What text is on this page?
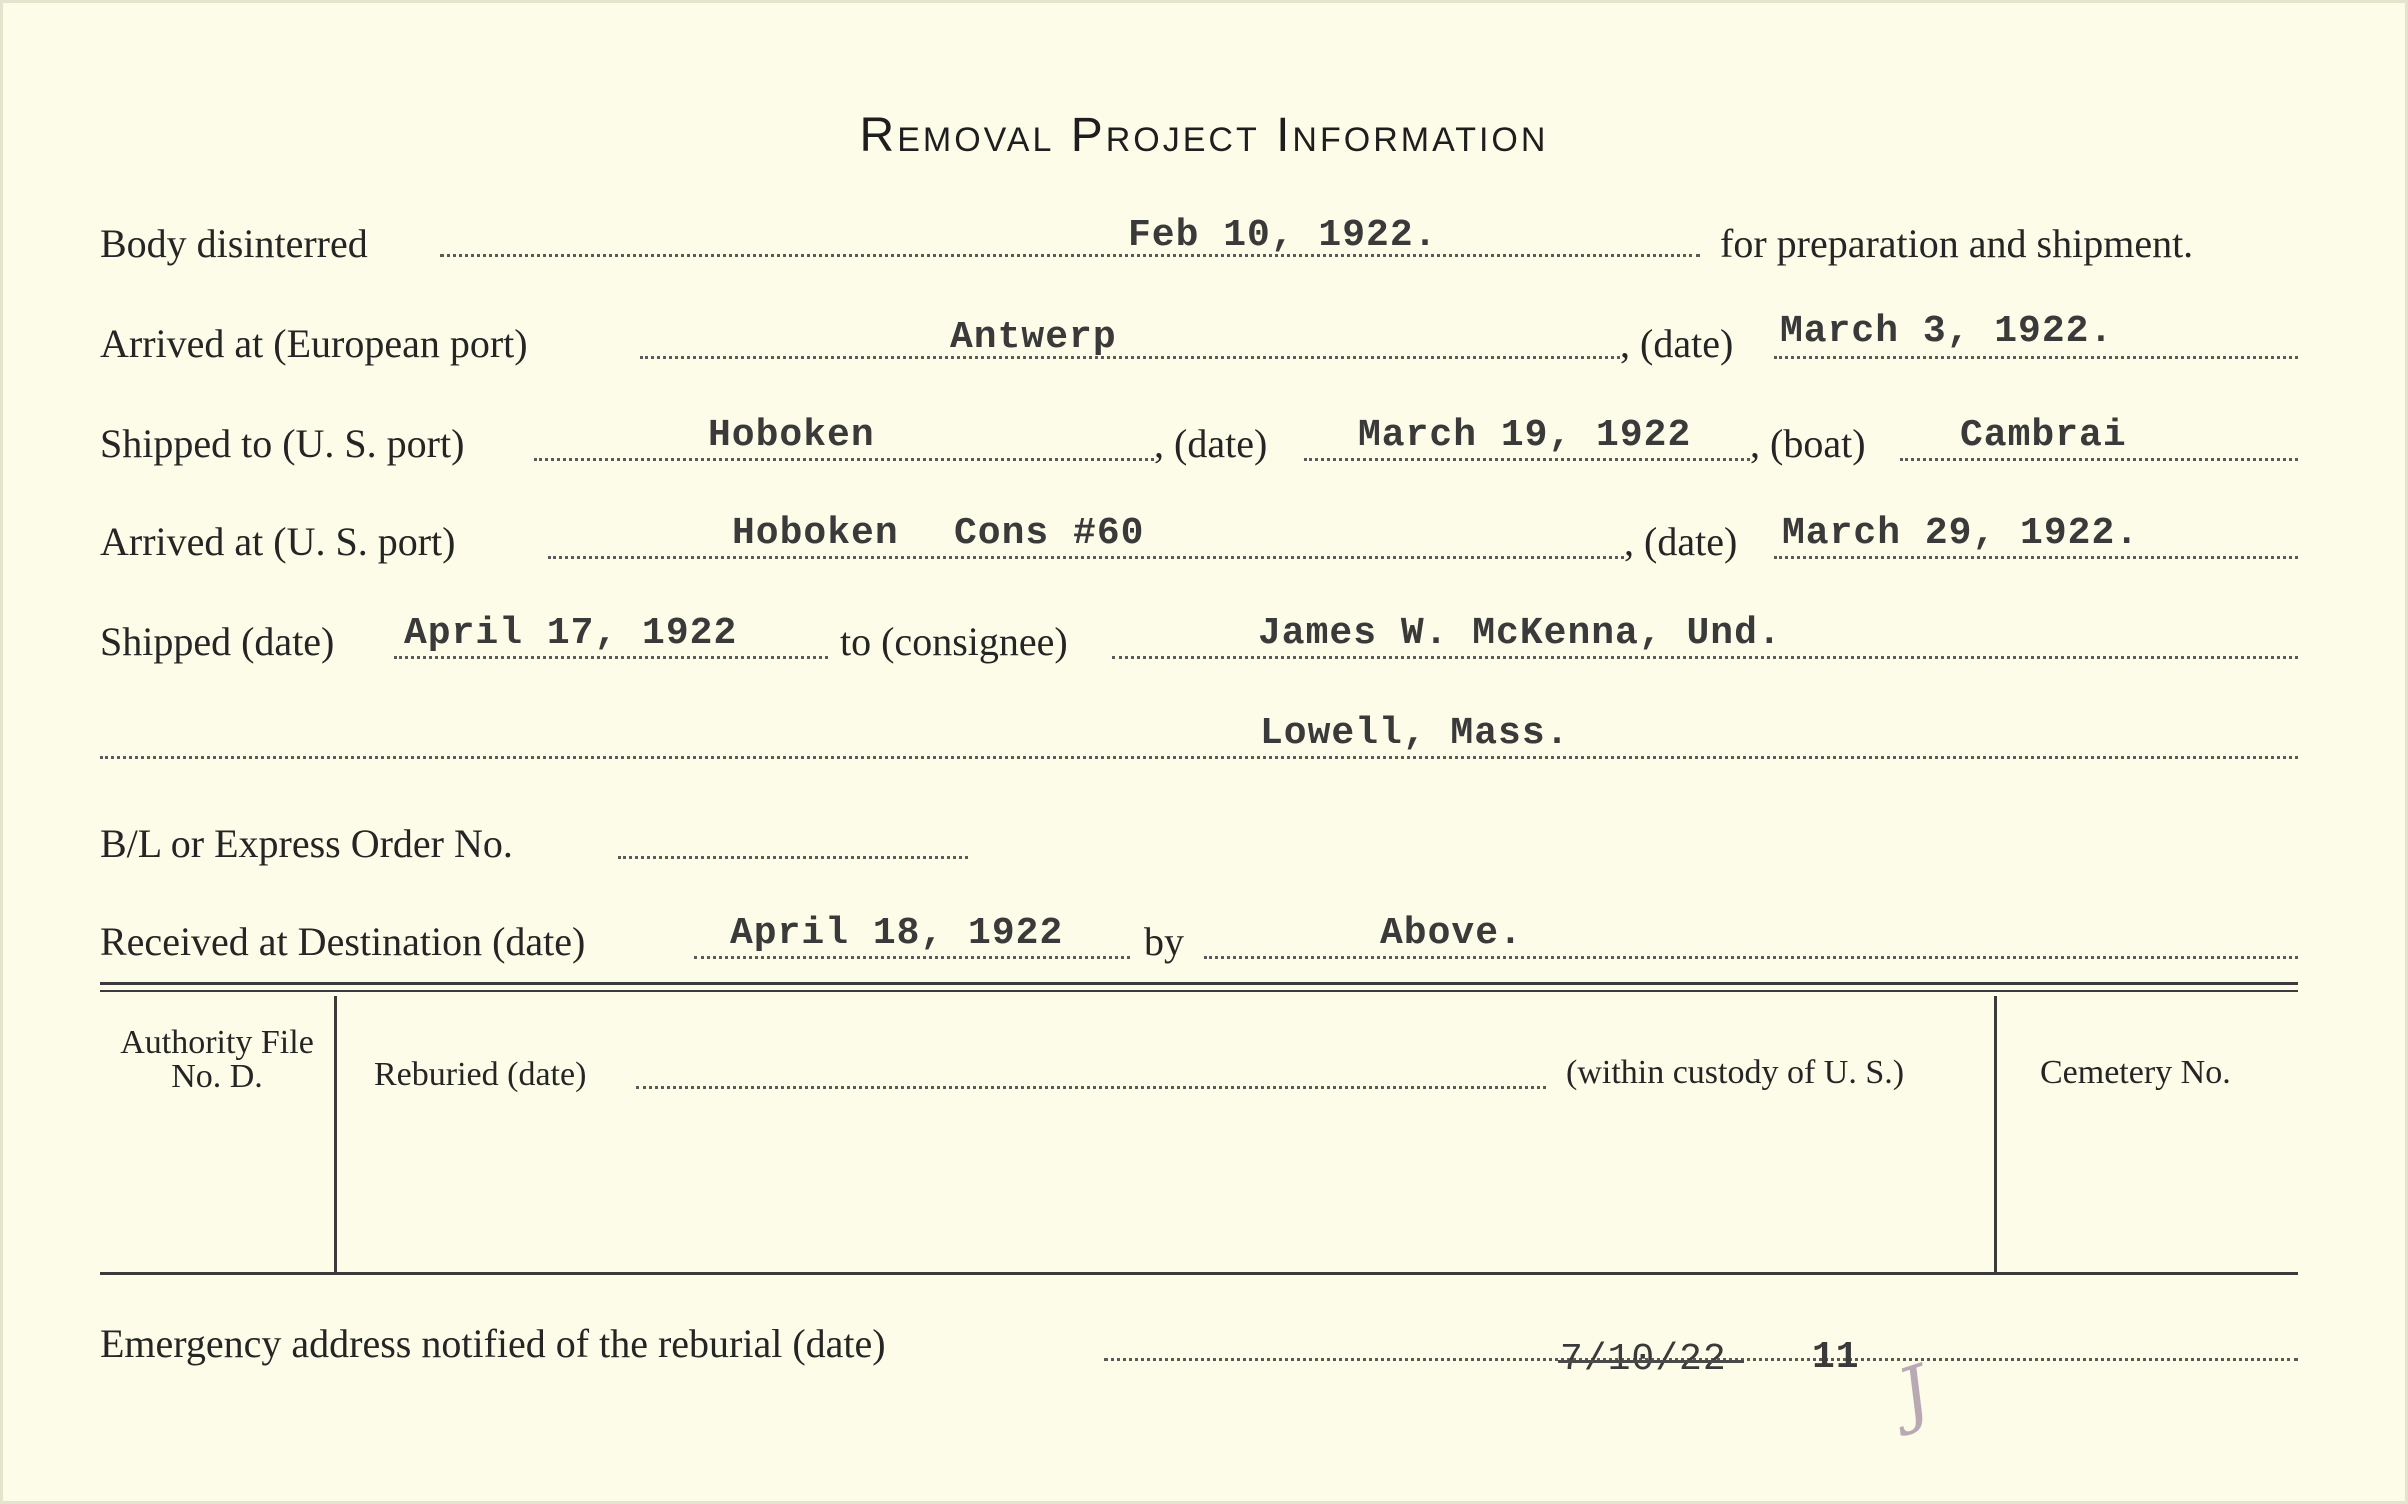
Removal Project Information
Body disinterred	Feb 10, 1922.	for preparation and shipment.
Arrived at (European port)	Antwerp	, (date) March 3, 1922.
Shipped to (U. S. port)	Hoboken	, (date) March 19, 1922 , (boat) Cambrai
Arrived at (U. S. port)	Hoboken Cons #60	, (date) March 29, 1922.
Shipped (date) April 17, 1922	to (consignee)	James W. McKenna, Und.
Lowell, Mass.
B/L or Express Order No.
Received at Destination (date)	April 18, 1922 by	Above.
Authority File No. D.	Reburied (date)	(within custody of U. S.)	Cemetery No.
Emergency address notified of the reburial (date)	7/10/22 11 J
